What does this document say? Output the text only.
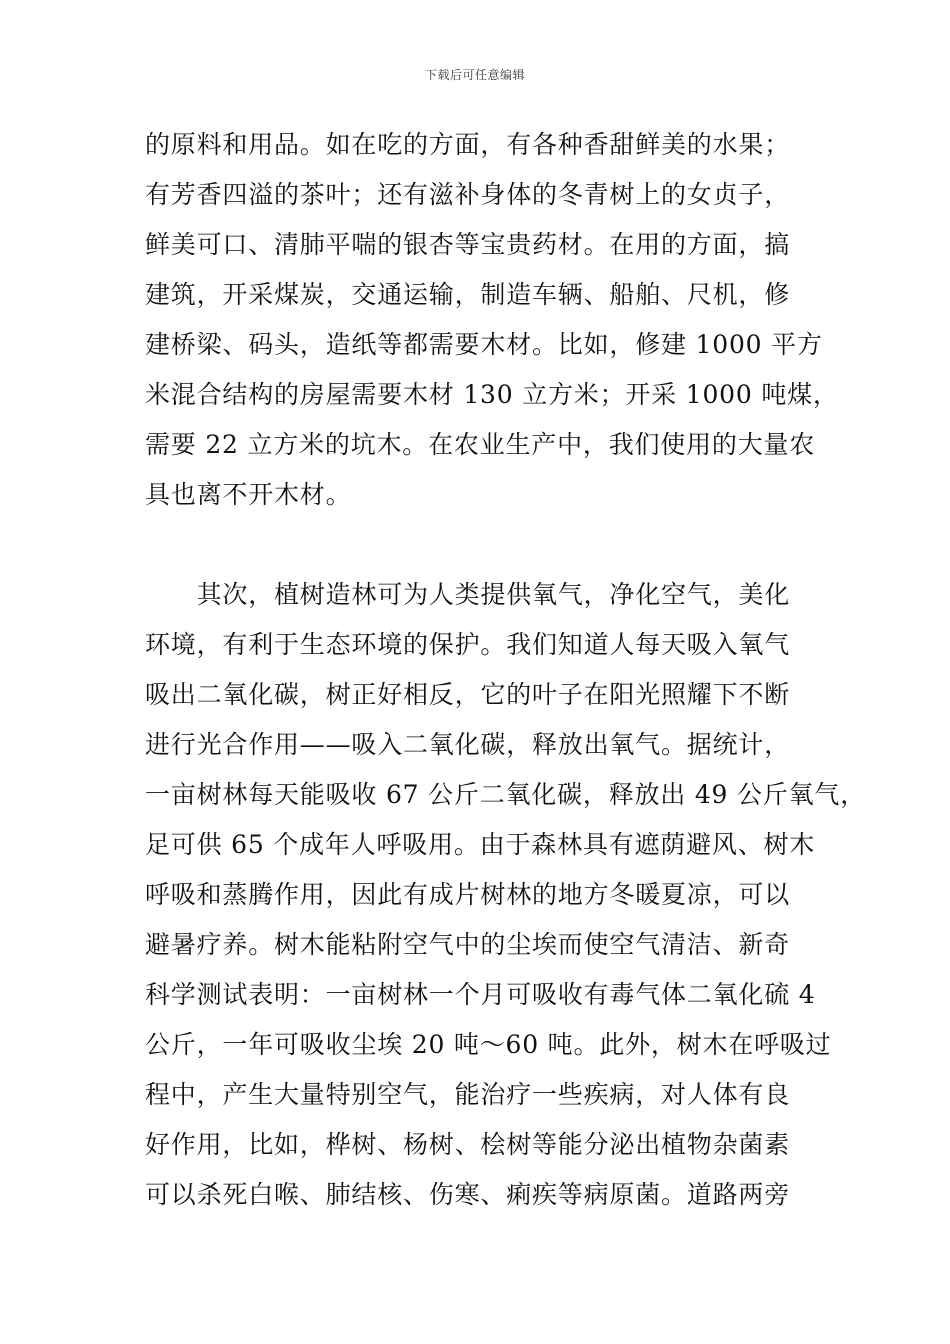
下载后可任意编辑
的原料和用品。如在吃的方面，有各种香甜鲜美的水果；
有芳香四溢的茶叶；还有滋补身体的冬青树上的女贞子，
鲜美可口、清肺平喘的银杏等宝贵药材。在用的方面，搞
建筑，开采煤炭，交通运输，制造车辆、船舶、尺机，修
建桥梁、码头，造纸等都需要木材。比如，修建 1000 平方
米混合结构的房屋需要木材 130 立方米；开采 1000 吨煤，
需要 22 立方米的坑木。在农业生产中，我们使用的大量农
具也离不开木材。
　　其次，植树造林可为人类提供氧气，净化空气，美化
环境，有利于生态环境的保护。我们知道人每天吸入氧气
吸出二氧化碳，树正好相反，它的叶子在阳光照耀下不断
进行光合作用——吸入二氧化碳，释放出氧气。据统计，
一亩树林每天能吸收 67 公斤二氧化碳，释放出 49 公斤氧气，
足可供 65 个成年人呼吸用。由于森林具有遮荫避风、树木
呼吸和蒸腾作用，因此有成片树林的地方冬暖夏凉，可以
避暑疗养。树木能粘附空气中的尘埃而使空气清洁、新奇
科学测试表明：一亩树林一个月可吸收有毒气体二氧化硫 4
公斤，一年可吸收尘埃 20 吨～60 吨。此外，树木在呼吸过
程中，产生大量特别空气，能治疗一些疾病，对人体有良
好作用，比如，桦树、杨树、桧树等能分泌出植物杂菌素
可以杀死白喉、肺结核、伤寒、痢疾等病原菌。道路两旁
